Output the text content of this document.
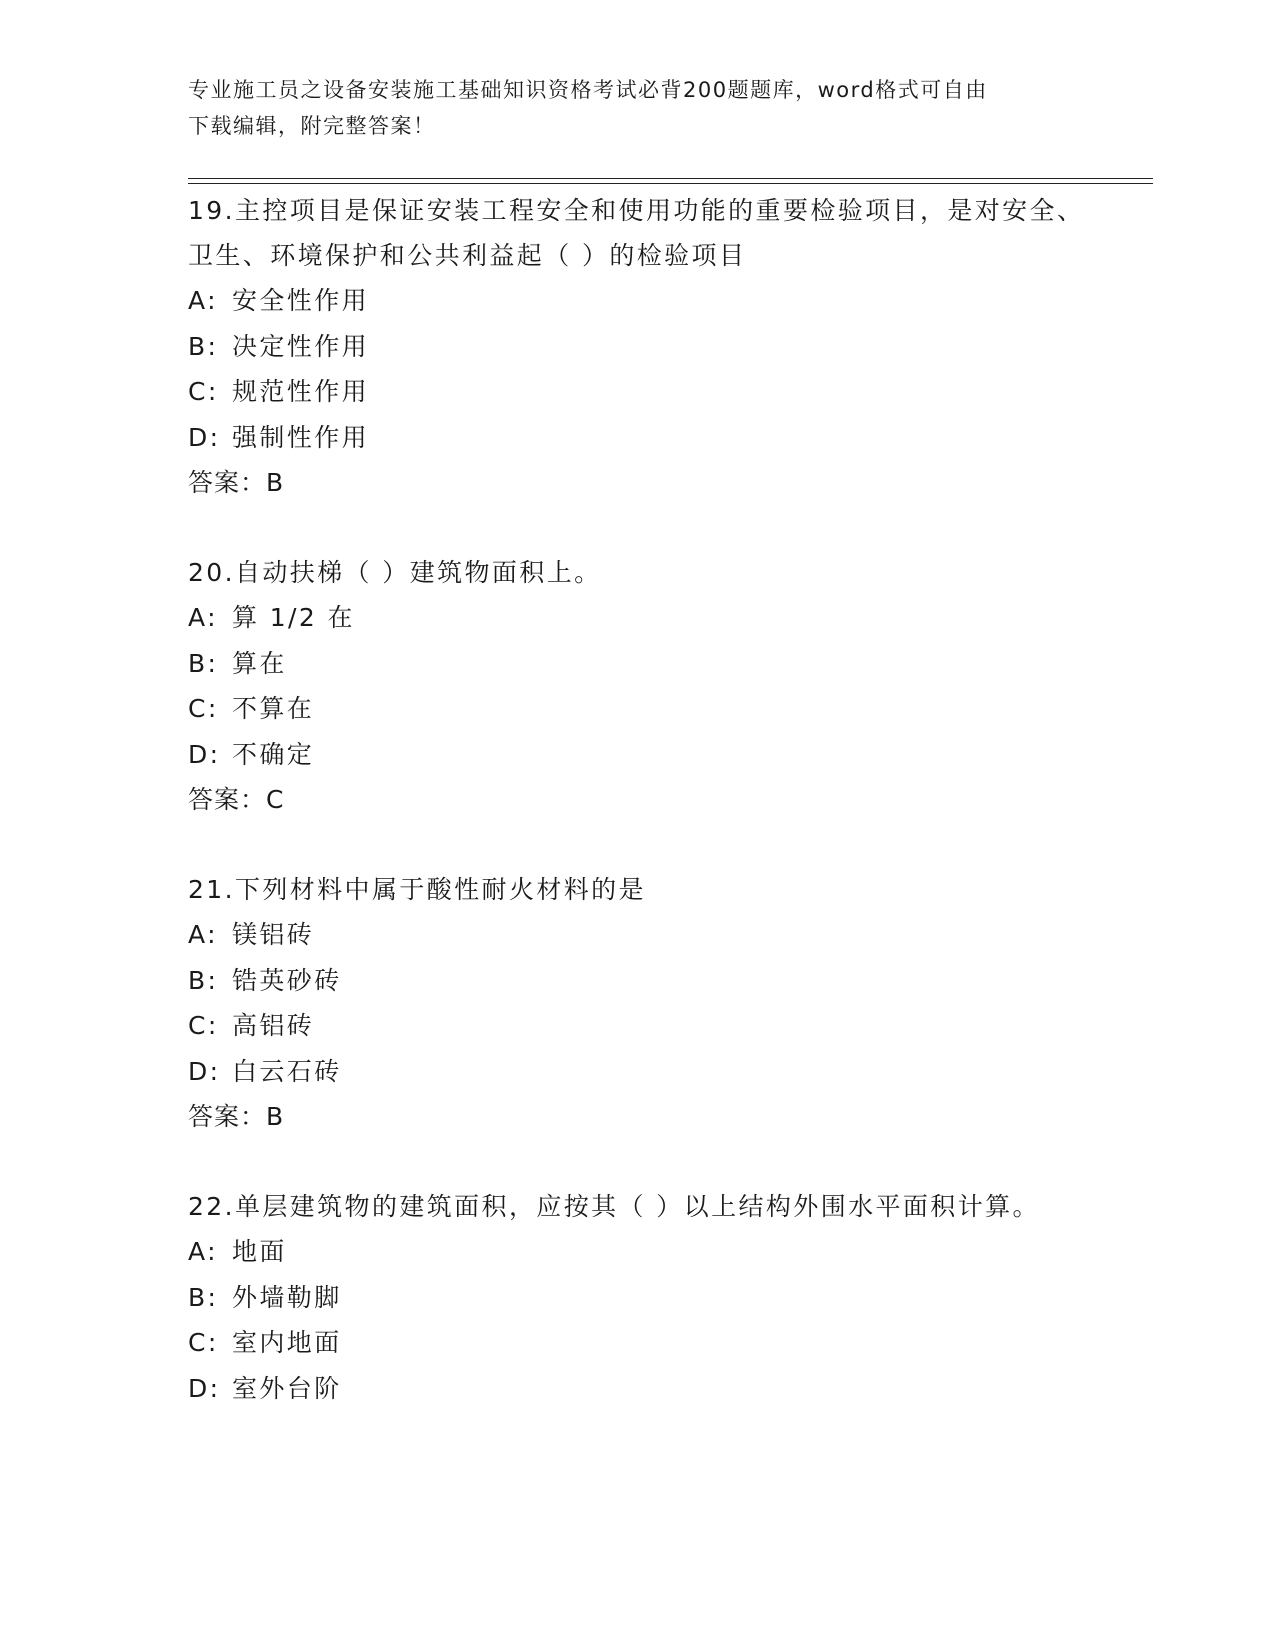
专业施工员之设备安装施工基础知识资格考试必背200题题库，word格式可自由
下载编辑，附完整答案！

19.主控项目是保证安装工程安全和使用功能的重要检验项目，是对安全、卫生、环境保护和公共利益起（ ）的检验项目

A: 安全性作用

B: 决定性作用

C: 规范性作用

D: 强制性作用

答案：B

20.自动扶梯（ ）建筑物面积上。

A: 算 1/2 在

B: 算在

C: 不算在

D: 不确定

答案：C

21.下列材料中属于酸性耐火材料的是

A: 镁铝砖

B: 锆英砂砖

C: 高铝砖

D: 白云石砖

答案：B

22.单层建筑物的建筑面积，应按其（ ）以上结构外围水平面积计算。

A: 地面

B: 外墙勒脚

C: 室内地面

D: 室外台阶
